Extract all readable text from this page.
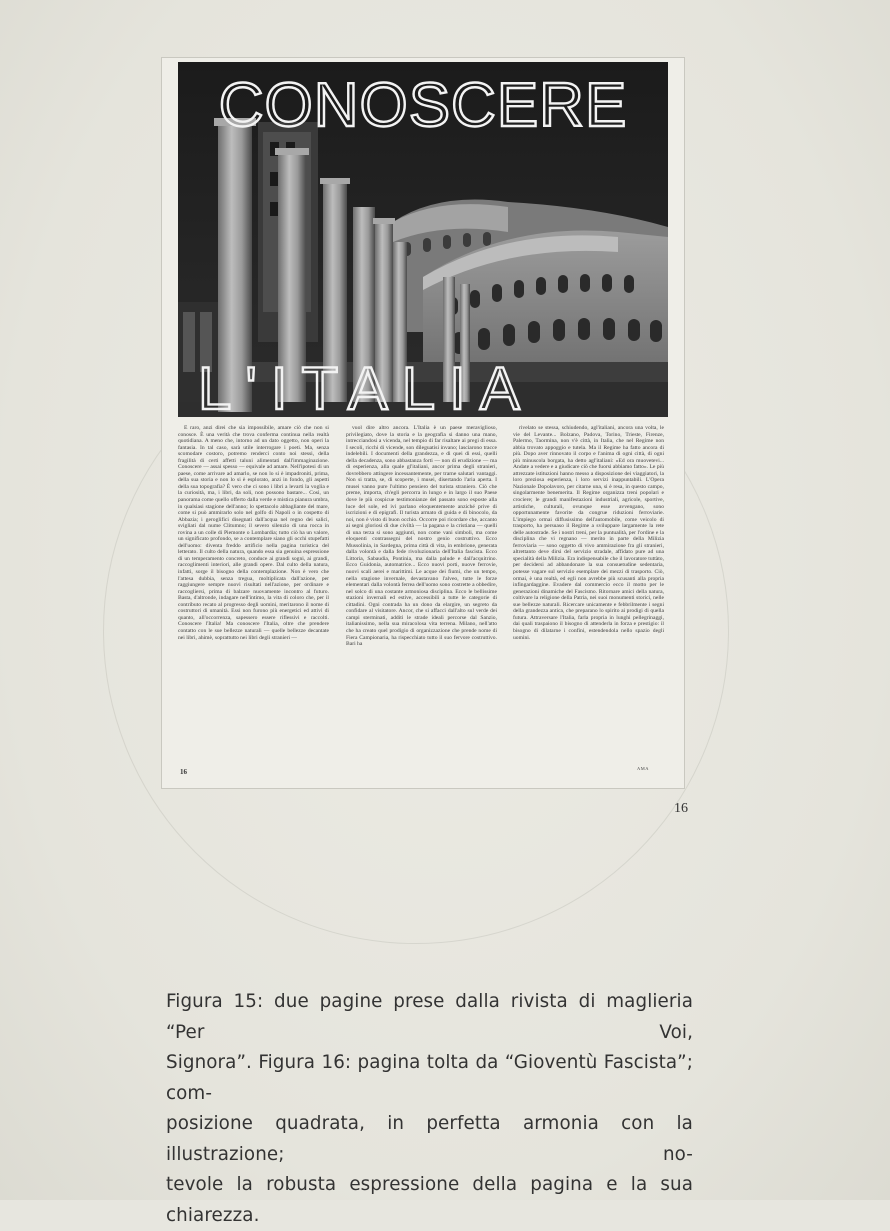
CONOSCERE
L'ITALIA

È raro, anzi direi che sia impossibile, amare ciò che non si conosce. È una verità che trova conferma continua nella realtà quotidiana. A meno che, intorno ad un dato oggetto, non operi la fantasia. In tal caso, sarà utile interrogare i poeti. Ma, senza scomodare costoro, potremo renderci conto noi stessi, della fragilità di certi affetti taluni alimentati dall'immaginazione. Conoscere — assai spesso — equivale ad amare. Nell'ipotesi di un paese, come arrivare ad amarlo, se non lo si è impadroniti, prima, della sua storia e non lo si è esplorato, anzi in fondo, gli aspetti della sua topografia? È vero che ci sono i libri a levarti la voglia e la curiosità, ma, i libri, da soli, non possono bastare... Così, un panorama come quello offerto dalla verde e mistica pianura umbra, in qualsiasi stagione dell'anno; lo spettacolo abbagliante del mare, come si può ammirarlo solo nel golfo di Napoli o in cospetto di Abbazia; i geroglifici disegnati dall'acqua nel regno dei salici, svigliati dal nume Clitumno; il severo silenzio di una rocca in rovina a un colle di Piemonte o Lombardia; tutto ciò ha un valore, un significato profondo, se a contemplare siano gli occhi stupefatti dell'uomo: diventa freddo artificio nella pagina turistica del letterato. Il culto della natura, quando essa sia genuina espressione di un temperamento concreto, conduce ai grandi sogni, ai grandi, raccoglimenti interiori, alle grandi opere. Dal culto della natura, infatti, sorge il bisogno della contemplazione. Non è vero che l'attesa dubbia, senza tregua, moltiplicata dall'azione, per raggiungere sempre nuovi risultati nell'azione, per ordinare e raccogliersi, prima di balzare nuovamente incontro al futuro. Basta, d'altronde, indagare nell'intimo, la vita di coloro che, per il contributo recato al progresso degli uomini, meritarono il nome di costruttori di umanità. Essi non furono più energetici ed attivi di quanto, all'occorrenza, sapessero essere riflessivi e raccolti. Conoscere l'Italia! Ma conoscere l'Italia, oltre che prendere contatto con le sue bellezze naturali — quelle bellezze decantate nei libri, ahimè, soprattutto nei libri degli stranieri —

vuol dire altro ancora. L'Italia è un paese meraviglioso, privilegiato, dove la storia e la geografia si danno una mano, intrecciandosi a vicenda, nel tempio di far risaltare ai pregi di essa. I secoli, ricchi di vicende, son dileguatisi invano; lasciarono tracce indelebili. I documenti della grandezza, e di quei di essi, quelli della decadenza, sono abbastanza forti — non di erudizione — ma di esperienza, alla quale gl'italiani, ancor prima degli stranieri, dovrebbero attingere incessantemente, per trarne salutari vantaggi. Non si tratta, se, di scoperte, i musei, disertando l'aria aperta. I musei vanno pure l'ultimo pensiero del turista straniero. Ciò che preme, importa, ch'egli percorra in lungo e in largo il suo Paese dove le più cospicue testimonianze del passato sono esposte alla luce del sole, ed ivi parlano eloquentemente anziché prive di iscrizioni e di epigrafi. Il turista armato di guida e di binocolo, da noi, non è visto di buon occhio. Occorre poi ricordare che, accanto ai segni gloriosi di due civiltà — la pagana e la cristiana — quelli di una terza si sono aggiunti, non come vani simboli, ma come eloquenti contrassegni del nostro genio costruttivo. Ecco Mussolinia, in Sardegna, prima città di vita, in embrione, generata dalla volontà e dalla fede rivoluzionaria dell'Italia fascista. Ecco Littoria, Sabaudia, Pontinia, ma dalla palude e dall'acquitrino. Ecco Guidonia, automatrice... Ecco nuovi porti, nuove ferrovie, nuovi scali aerei e marittimi. Le acque dei fiumi, che un tempo, nella stagione invernale, devastavano l'alveo, tutte le forze elementari dalla volontà ferrea dell'uomo sono costrette a obbedire, nel solco di una costante armoniosa disciplina. Ecco le bellissime stazioni invernali ed estive, accessibili a tutte le categorie di cittadini. Ogni contrada ha un dono da elargire, un segreto da confidare al visitatore. Ancor, che si affacci dall'alto sul verde dei campi sterminati, additi le strade ideali percorse dal Sanzio, italianissimo, nella sua miracolosa vita terrena. Milano, nell'atto che ha creato quel prodigio di organizzazione che prende nome di Fiera Campionaria, ha rispecchiato tutto il suo fervore costruttivo. Bari ha

rivelato se stessa, schiudendo, agl'italiani, ancora una volta, le vie del Levante... Bolzano, Padova, Torino, Trieste, Firenze, Palermo, Taormina, non v'è città, in Italia, che nel Regime non abbia trovato appoggio e tutela. Ma il Regime ha fatto ancora di più. Dopo aver rinnovato il corpo e l'anima di ogni città, di ogni più minuscola borgata, ha detto agl'italiani: «Ed ora muovetevi... Andate a vedere e a giudicare ciò che fuorsi abbiamo fatto». Le più attrezzate istituzioni hanno messo a disposizione dei viaggiatori, la loro preziosa esperienza, i loro servizi inappuntabili. L'Opera Nazionale Dopolavoro, per citarne una, si è resa, in questo campo, singolarmente benemerita. Il Regime organizza treni popolari e crociere; le grandi manifestazioni industriali, agricole, sportive, artistiche, culturali, ovunque esse avvengano, sono opportunamente favorite da congrue riduzioni ferroviarie. L'impiego ormai diffusissimo dell'automobile, come veicolo di trasporto, ha persuaso il Regime a sviluppare largamente la rete delle autostrade. Se i nostri treni, per la puntualità, per l'ordine e la disciplina che vi regnano — merito in parte della Milizia ferroviaria — sono oggetto di vivo ammirazione fra gli stranieri, altrettanto deve dirsi del servizio stradale, affidato pure ad una specialità della Milizia. Era indispensabile che il lavoratore tuttàto, per decidersi ad abbandonare la sua consuetudine sedentaria, potesse vagare sul servizio esemplare dei mezzi di trasporto. Ciò, ormai, è una realtà, ed egli non avrebbe più scusanti alla propria infingardaggine. Evadere dal commercio ecco il motto per le generazioni dinamiche del Fascismo. Ritornare amici della natura, coltivare la religione della Patria, nei suoi monumenti storici, nelle sue bellezze naturali. Ricercare unicamente e febbrilmente i segni della grandezza antica, che preparano lo spirito ai prodigi di quella futura. Attraversare l'Italia, farla propria in lunghi pellegrinaggi, dai quali traspaiono il bisogno di attenderla in forza e prestigio: il bisogno di dilatarne i confini, estendendola nello spazio degli uomini.

16	AMA
16
Figura 15: due pagine prese dalla rivista di maglieria “Per Voi,
Signora”. Figura 16: pagina tolta da “Gioventù Fascista”; com-
posizione quadrata, in perfetta armonia con la illustrazione; no-
tevole la robusta espressione della pagina e la sua chiarezza.
